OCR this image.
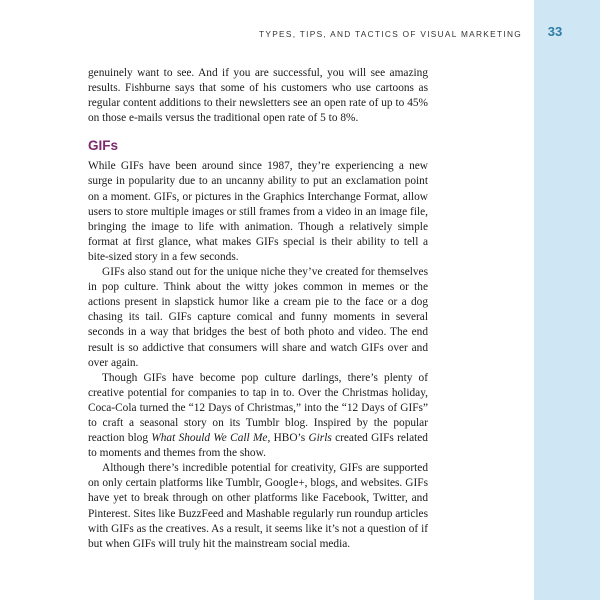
TYPES, TIPS, AND TACTICS OF VISUAL MARKETING	33

genuinely want to see. And if you are successful, you will see amazing results. Fishburne says that some of his customers who use cartoons as regular content additions to their newsletters see an open rate of up to 45% on those e-mails versus the traditional open rate of 5 to 8%.

GIFs

While GIFs have been around since 1987, they’re experiencing a new surge in popularity due to an uncanny ability to put an exclamation point on a moment. GIFs, or pictures in the Graphics Interchange Format, allow users to store multiple images or still frames from a video in an image file, bringing the image to life with animation. Though a relatively simple format at first glance, what makes GIFs special is their ability to tell a bite-sized story in a few seconds.

GIFs also stand out for the unique niche they’ve created for themselves in pop culture. Think about the witty jokes common in memes or the actions present in slapstick humor like a cream pie to the face or a dog chasing its tail. GIFs capture comical and funny moments in several seconds in a way that bridges the best of both photo and video. The end result is so addictive that consumers will share and watch GIFs over and over again.

Though GIFs have become pop culture darlings, there’s plenty of creative potential for companies to tap in to. Over the Christmas holiday, Coca-Cola turned the “12 Days of Christmas,” into the “12 Days of GIFs” to craft a seasonal story on its Tumblr blog. Inspired by the popular reaction blog What Should We Call Me, HBO’s Girls created GIFs related to moments and themes from the show.

Although there’s incredible potential for creativity, GIFs are supported on only certain platforms like Tumblr, Google+, blogs, and websites. GIFs have yet to break through on other platforms like Facebook, Twitter, and Pinterest. Sites like BuzzFeed and Mashable regularly run roundup articles with GIFs as the creatives. As a result, it seems like it’s not a question of if but when GIFs will truly hit the mainstream social media.
